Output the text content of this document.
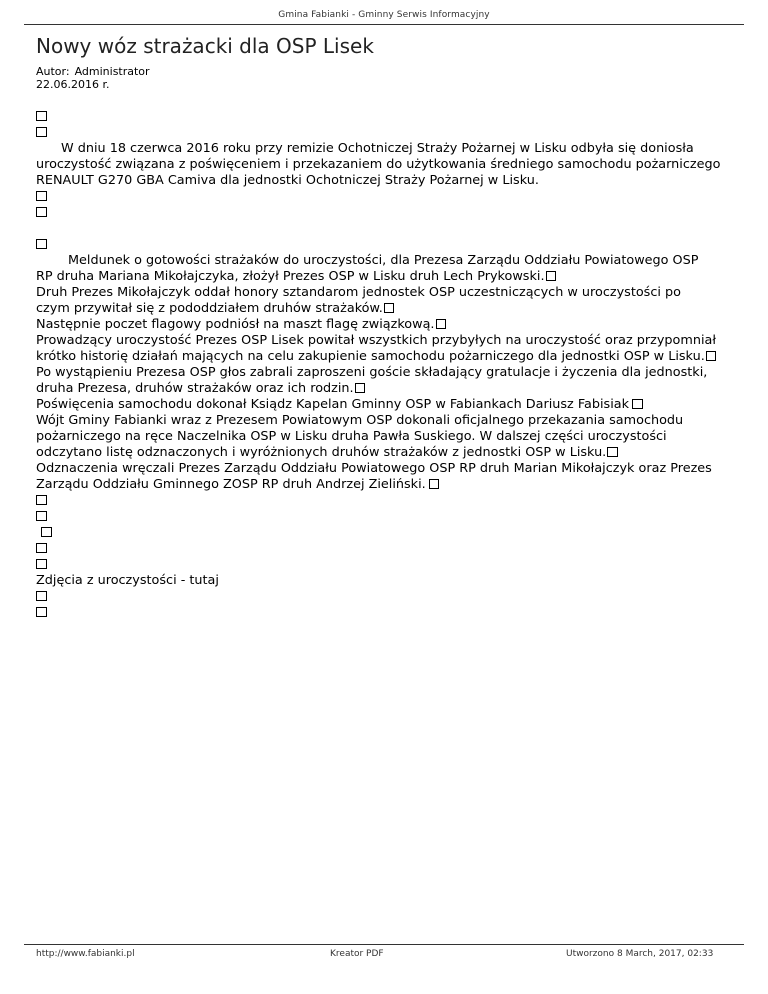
Gmina Fabianki - Gminny Serwis Informacyjny
Nowy wóz strażacki dla OSP Lisek
Autor: Administrator
22.06.2016 r.
W dniu 18 czerwca 2016 roku przy remizie Ochotniczej Straży Pożarnej w Lisku odbyła się doniosła
uroczystość związana z poświęceniem i przekazaniem do użytkowania średniego samochodu pożarniczego
RENAULT G270 GBA Camiva dla jednostki Ochotniczej Straży Pożarnej w Lisku.
Meldunek o gotowości strażaków do uroczystości, dla Prezesa Zarządu Oddziału Powiatowego OSP
RP druha Mariana Mikołajczyka, złożył Prezes OSP w Lisku druh Lech Prykowski.
Druh Prezes Mikołajczyk oddał honory sztandarom jednostek OSP uczestniczących w uroczystości po
czym przywitał się z pododdziałem druhów strażaków.
Następnie poczet flagowy podniósł na maszt flagę związkową.
Prowadzący uroczystość Prezes OSP Lisek powitał wszystkich przybyłych na uroczystość oraz przypomniał
krótko historię działań mających na celu zakupienie samochodu pożarniczego dla jednostki OSP w Lisku.
Po wystąpieniu Prezesa OSP głos zabrali zaproszeni goście składający gratulacje i życzenia dla jednostki,
druha Prezesa, druhów strażaków oraz ich rodzin.
Poświęcenia samochodu dokonał Ksiądz Kapelan Gminny OSP w Fabiankach Dariusz Fabisiak
Wójt Gminy Fabianki wraz z Prezesem Powiatowym OSP dokonali oficjalnego przekazania samochodu
pożarniczego na ręce Naczelnika OSP w Lisku druha Pawła Suskiego. W dalszej części uroczystości
odczytano listę odznaczonych i wyróżnionych druhów strażaków z jednostki OSP w Lisku.
Odznaczenia wręczali Prezes Zarządu Oddziału Powiatowego OSP RP druh Marian Mikołajczyk oraz Prezes
Zarządu Oddziału Gminnego ZOSP RP druh Andrzej Zieliński.
Zdjęcia z uroczystości - tutaj
http://www.fabianki.pl	Kreator PDF	Utworzono 8 March, 2017, 02:33
